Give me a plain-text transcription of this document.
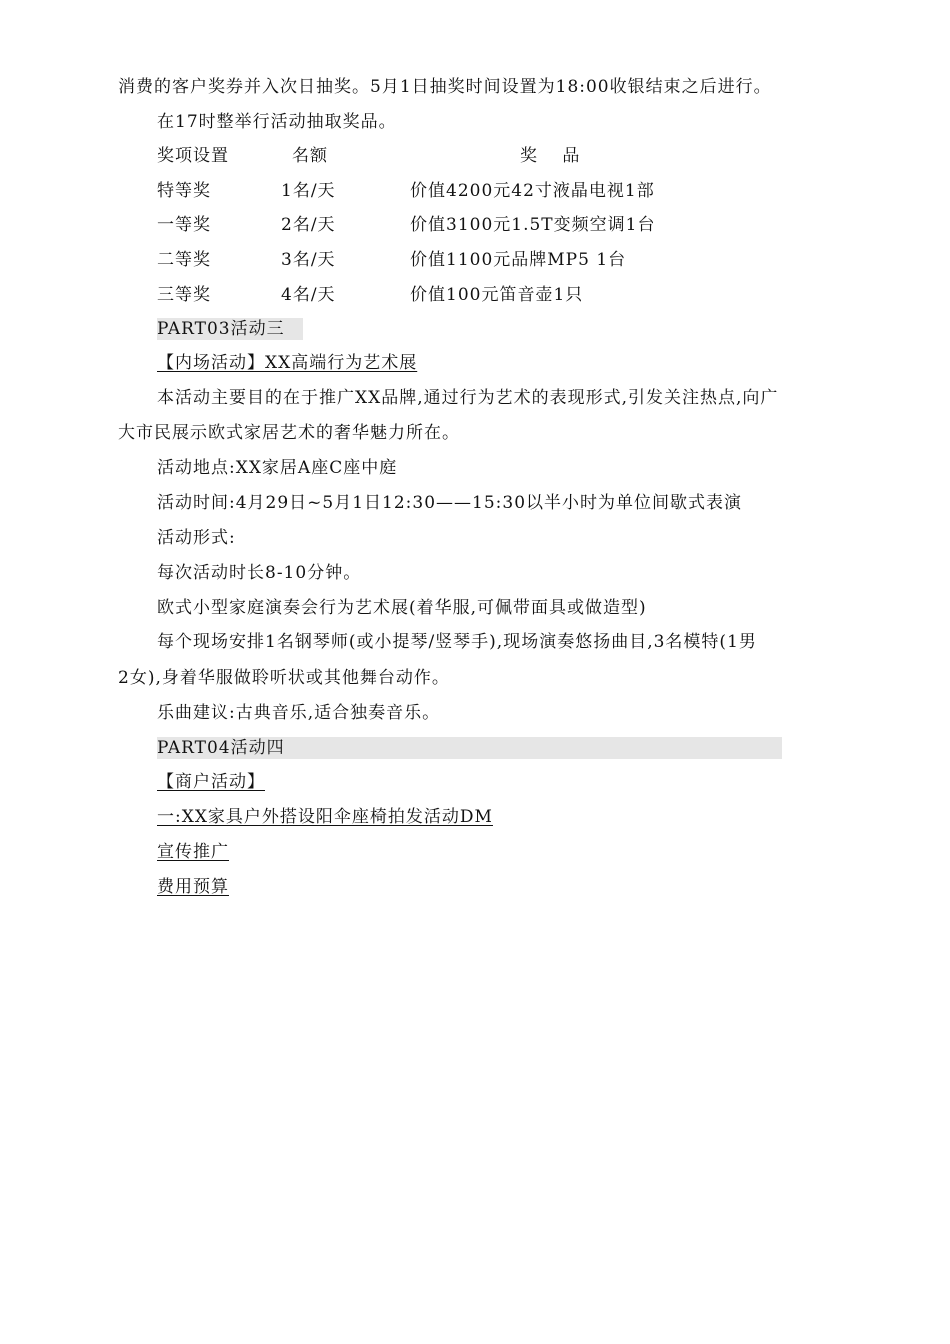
消费的客户奖券并入次日抽奖。5月1日抽奖时间设置为18:00收银结束之后进行。
在17时整举行活动抽取奖品。
奖项设置	名额	奖 品
特等奖	1名/天	价值4200元42寸液晶电视1部
一等奖	2名/天	价值3100元1.5T变频空调1台
二等奖	3名/天	价值1100元品牌MP5 1台
三等奖	4名/天	价值100元笛音壶1只
PART03活动三
【内场活动】XX高端行为艺术展
本活动主要目的在于推广XX品牌,通过行为艺术的表现形式,引发关注热点,向广
大市民展示欧式家居艺术的奢华魅力所在。
活动地点:XX家居A座C座中庭
活动时间:4月29日~5月1日12:30——15:30以半小时为单位间歇式表演
活动形式:
每次活动时长8-10分钟。
欧式小型家庭演奏会行为艺术展(着华服,可佩带面具或做造型)
每个现场安排1名钢琴师(或小提琴/竖琴手),现场演奏悠扬曲目,3名模特(1男
2女),身着华服做聆听状或其他舞台动作。
乐曲建议:古典音乐,适合独奏音乐。
PART04活动四
【商户活动】
一:XX家具户外搭设阳伞座椅拍发活动DM
宣传推广
费用预算
